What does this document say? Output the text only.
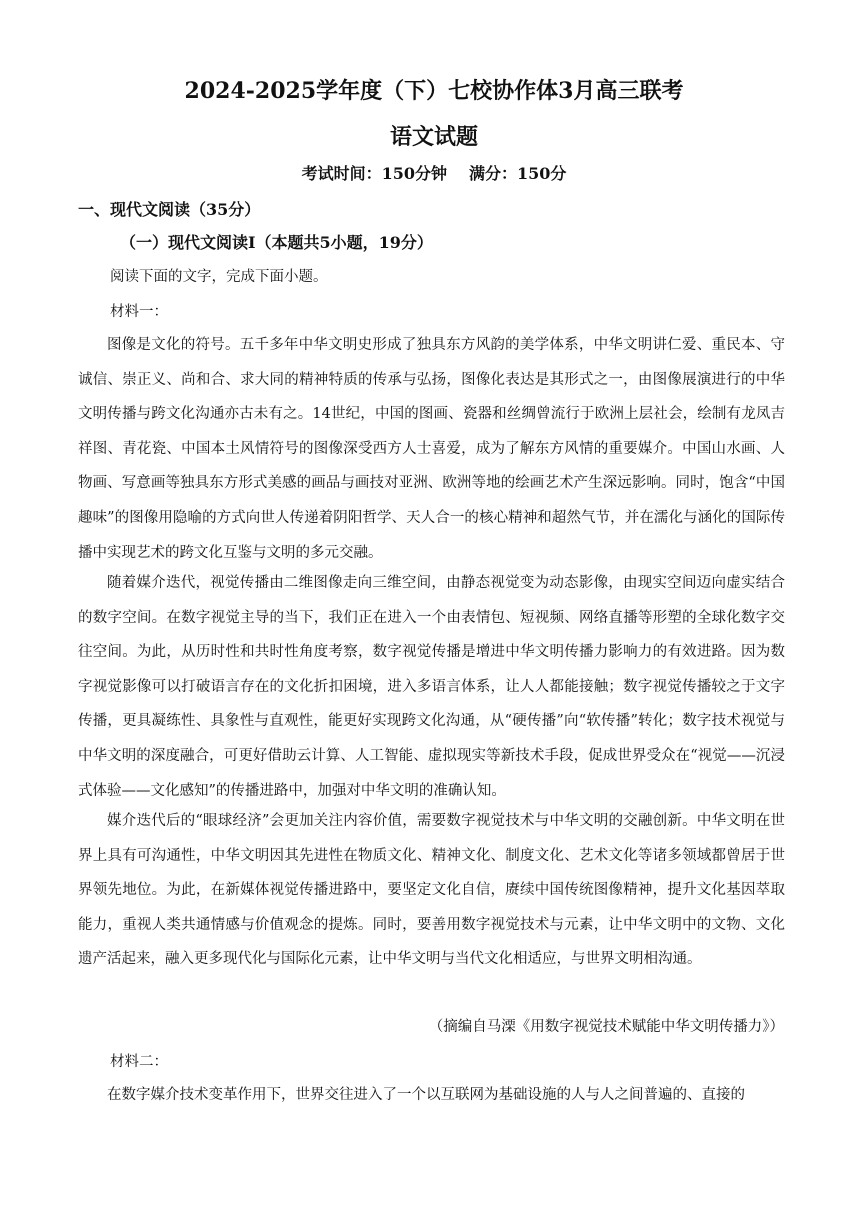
2024-2025学年度（下）七校协作体3月高三联考
语文试题
考试时间：150分钟 满分：150分
一、现代文阅读（35分）
（一）现代文阅读Ⅰ（本题共5小题，19分）
阅读下面的文字，完成下面小题。
材料一：
图像是文化的符号。五千多年中华文明史形成了独具东方风韵的美学体系，中华文明讲仁爱、重民本、守诚信、崇正义、尚和合、求大同的精神特质的传承与弘扬，图像化表达是其形式之一，由图像展演进行的中华文明传播与跨文化沟通亦古未有之。14世纪，中国的图画、瓷器和丝绸曾流行于欧洲上层社会，绘制有龙凤吉祥图、青花瓷、中国本土风情符号的图像深受西方人士喜爱，成为了解东方风情的重要媒介。中国山水画、人物画、写意画等独具东方形式美感的画品与画技对亚洲、欧洲等地的绘画艺术产生深远影响。同时，饱含“中国趣味”的图像用隐喻的方式向世人传递着阴阳哲学、天人合一的核心精神和超然气节，并在濡化与涵化的国际传播中实现艺术的跨文化互鉴与文明的多元交融。
随着媒介迭代，视觉传播由二维图像走向三维空间，由静态视觉变为动态影像，由现实空间迈向虚实结合的数字空间。在数字视觉主导的当下，我们正在进入一个由表情包、短视频、网络直播等形塑的全球化数字交往空间。为此，从历时性和共时性角度考察，数字视觉传播是增进中华文明传播力影响力的有效进路。因为数字视觉影像可以打破语言存在的文化折扣困境，进入多语言体系，让人人都能接触；数字视觉传播较之于文字传播，更具凝练性、具象性与直观性，能更好实现跨文化沟通，从“硬传播”向“软传播”转化；数字技术视觉与中华文明的深度融合，可更好借助云计算、人工智能、虚拟现实等新技术手段，促成世界受众在“视觉——沉浸式体验——文化感知”的传播进路中，加强对中华文明的准确认知。
媒介迭代后的“眼球经济”会更加关注内容价值，需要数字视觉技术与中华文明的交融创新。中华文明在世界上具有可沟通性，中华文明因其先进性在物质文化、精神文化、制度文化、艺术文化等诸多领域都曾居于世界领先地位。为此，在新媒体视觉传播进路中，要坚定文化自信，赓续中国传统图像精神，提升文化基因萃取能力，重视人类共通情感与价值观念的提炼。同时，要善用数字视觉技术与元素，让中华文明中的文物、文化遗产活起来，融入更多现代化与国际化元素，让中华文明与当代文化相适应，与世界文明相沟通。
（摘编自马溧《用数字视觉技术赋能中华文明传播力》）
材料二：
在数字媒介技术变革作用下，世界交往进入了一个以互联网为基础设施的人与人之间普遍的、直接的
